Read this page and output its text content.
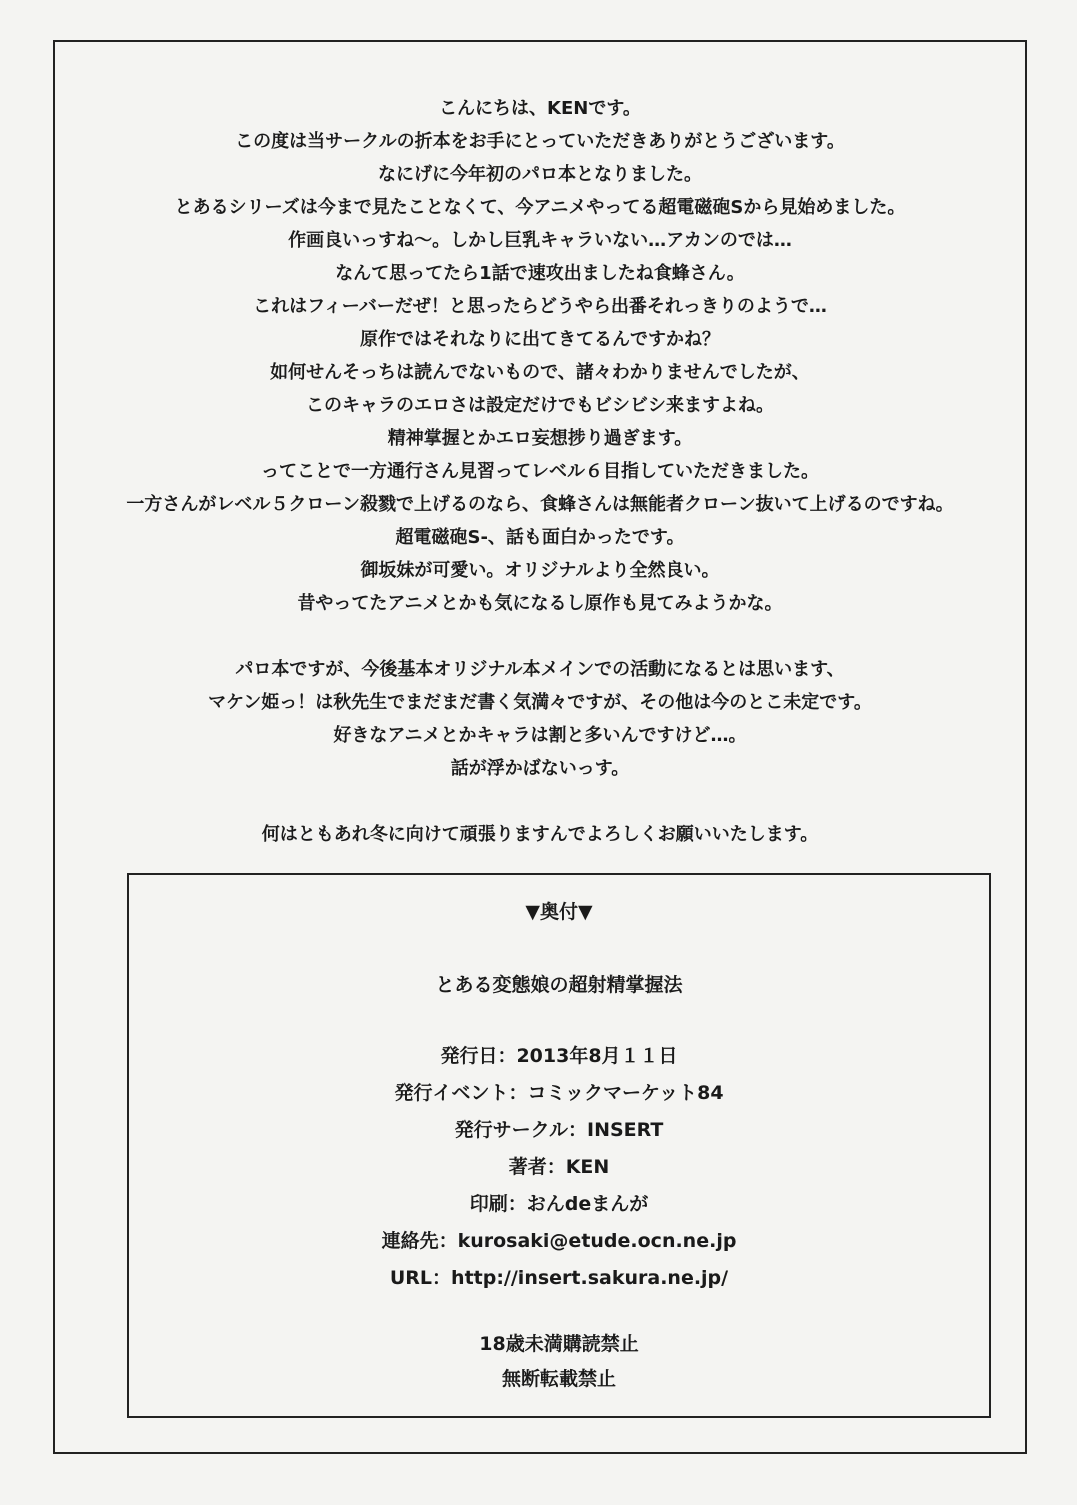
こんにちは、KENです。
この度は当サークルの折本をお手にとっていただきありがとうございます。
なにげに今年初のパロ本となりました。
とあるシリーズは今まで見たことなくて、今アニメやってる超電磁砲Sから見始めました。
作画良いっすね～。しかし巨乳キャラいない…アカンのでは…
なんて思ってたら1話で速攻出ましたね食蜂さん。
これはフィーバーだぜ！と思ったらどうやら出番それっきりのようで…
原作ではそれなりに出てきてるんですかね？
如何せんそっちは読んでないもので、諸々わかりませんでしたが、
このキャラのエロさは設定だけでもビシビシ来ますよね。
精神掌握とかエロ妄想捗り過ぎます。
ってことで一方通行さん見習ってレベル６目指していただきました。
一方さんがレベル５クローン殺戮で上げるのなら、食蜂さんは無能者クローン抜いて上げるのですね。
超電磁砲S-、話も面白かったです。
御坂妹が可愛い。オリジナルより全然良い。
昔やってたアニメとかも気になるし原作も見てみようかな。
パロ本ですが、今後基本オリジナル本メインでの活動になるとは思います、
マケン姫っ！は秋先生でまだまだ書く気満々ですが、その他は今のとこ未定です。
好きなアニメとかキャラは割と多いんですけど…。
話が浮かばないっす。
何はともあれ冬に向けて頑張りますんでよろしくお願いいたします。
▼奥付▼
とある変態娘の超射精掌握法
発行日：2013年8月１１日
発行イベント：コミックマーケット84
発行サークル：INSERT
著者：KEN
印刷：おんdeまんが
連絡先：kurosaki@etude.ocn.ne.jp
URL：http://insert.sakura.ne.jp/
18歳未満購読禁止
無断転載禁止
